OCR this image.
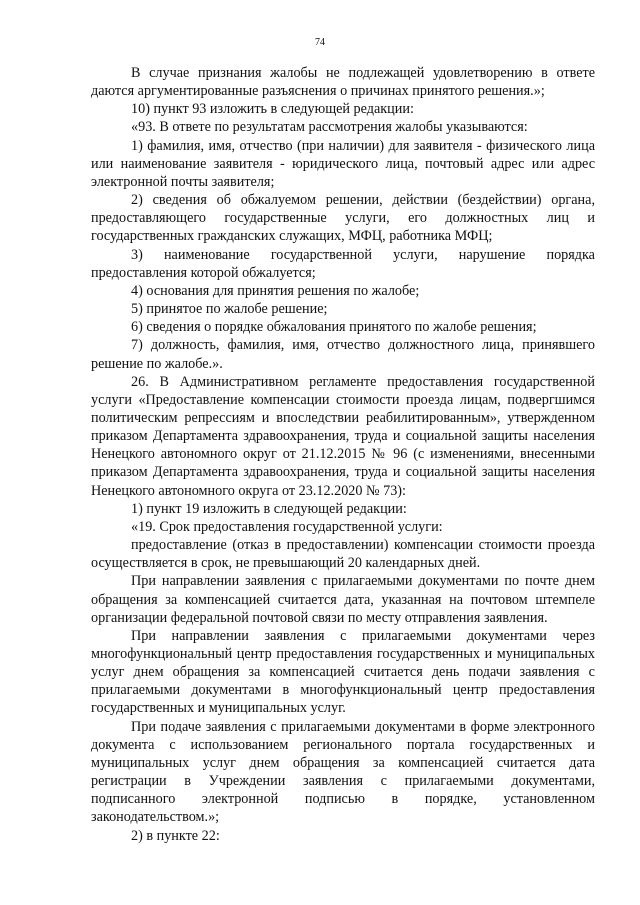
74

В случае признания жалобы не подлежащей удовлетворению в ответе даются аргументированные разъяснения о причинах принятого решения.»;

10) пункт 93 изложить в следующей редакции:

«93. В ответе по результатам рассмотрения жалобы указываются:

1) фамилия, имя, отчество (при наличии) для заявителя - физического лица или наименование заявителя - юридического лица, почтовый адрес или адрес электронной почты заявителя;

2) сведения об обжалуемом решении, действии (бездействии) органа, предоставляющего государственные услуги, его должностных лиц и государственных гражданских служащих, МФЦ, работника МФЦ;

3) наименование государственной услуги, нарушение порядка предоставления которой обжалуется;

4) основания для принятия решения по жалобе;

5) принятое по жалобе решение;

6) сведения о порядке обжалования принятого по жалобе решения;

7) должность, фамилия, имя, отчество должностного лица, принявшего решение по жалобе.».

26. В Административном регламенте предоставления государственной услуги «Предоставление компенсации стоимости проезда лицам, подвергшимся политическим репрессиям и впоследствии реабилитированным», утвержденном приказом Департамента здравоохранения, труда и социальной защиты населения Ненецкого автономного округ от 21.12.2015 № 96 (с изменениями, внесенными приказом Департамента здравоохранения, труда и социальной защиты населения Ненецкого автономного округа от 23.12.2020 № 73):

1) пункт 19 изложить в следующей редакции:

«19. Срок предоставления государственной услуги:

предоставление (отказ в предоставлении) компенсации стоимости проезда осуществляется в срок, не превышающий 20 календарных дней.

При направлении заявления с прилагаемыми документами по почте днем обращения за компенсацией считается дата, указанная на почтовом штемпеле организации федеральной почтовой связи по месту отправления заявления.

При направлении заявления с прилагаемыми документами через многофункциональный центр предоставления государственных и муниципальных услуг днем обращения за компенсацией считается день подачи заявления с прилагаемыми документами в многофункциональный центр предоставления государственных и муниципальных услуг.

При подаче заявления с прилагаемыми документами в форме электронного документа с использованием регионального портала государственных и муниципальных услуг днем обращения за компенсацией считается дата регистрации в Учреждении заявления с прилагаемыми документами, подписанного электронной подписью в порядке, установленном законодательством.»;

2) в пункте 22:
